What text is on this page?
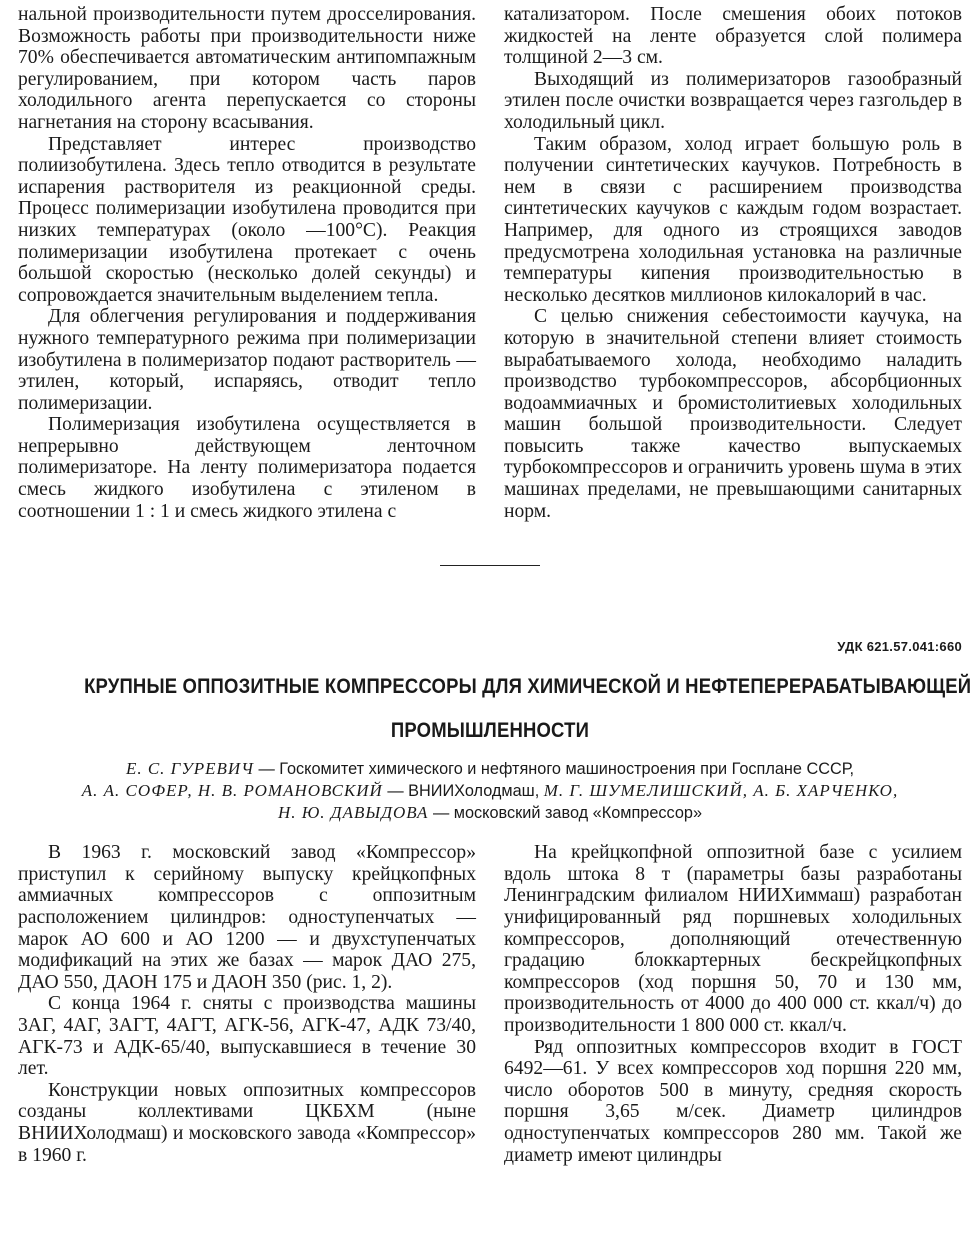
нальной производительности путем дросселирования. Возможность работы при производительности ниже 70% обеспечивается автоматическим антипомпажным регулированием, при котором часть паров холодильного агента перепускается со стороны нагнетания на сторону всасывания.

Представляет интерес производство полиизобутилена. Здесь тепло отводится в результате испарения растворителя из реакционной среды. Процесс полимеризации изобутилена проводится при низких температурах (около —100°С). Реакция полимеризации изобутилена протекает с очень большой скоростью (несколько долей секунды) и сопровождается значительным выделением тепла.

Для облегчения регулирования и поддерживания нужного температурного режима при полимеризации изобутилена в полимеризатор подают растворитель — этилен, который, испаряясь, отводит тепло полимеризации.

Полимеризация изобутилена осуществляется в непрерывно действующем ленточном полимеризаторе. На ленту полимеризатора подается смесь жидкого изобутилена с этиленом в соотношении 1 : 1 и смесь жидкого этилена с

катализатором. После смешения обоих потоков жидкостей на ленте образуется слой полимера толщиной 2—3 см.

Выходящий из полимеризаторов газообразный этилен после очистки возвращается через газгольдер в холодильный цикл.

Таким образом, холод играет большую роль в получении синтетических каучуков. Потребность в нем в связи с расширением производства синтетических каучуков с каждым годом возрастает. Например, для одного из строящихся заводов предусмотрена холодильная установка на различные температуры кипения производительностью в несколько десятков миллионов килокалорий в час.

С целью снижения себестоимости каучука, на которую в значительной степени влияет стоимость вырабатываемого холода, необходимо наладить производство турбокомпрессоров, абсорбционных водоаммиачных и бромистолитиевых холодильных машин большой производительности. Следует повысить также качество выпускаемых турбокомпрессоров и ограничить уровень шума в этих машинах пределами, не превышающими санитарных норм.

УДК 621.57.041:660
КРУПНЫЕ ОППОЗИТНЫЕ КОМПРЕССОРЫ ДЛЯ ХИМИЧЕСКОЙ И НЕФТЕПЕРЕРАБАТЫВАЮЩЕЙ
ПРОМЫШЛЕННОСТИ
Е. С. ГУРЕВИЧ — Госкомитет химического и нефтяного машиностроения при Госплане СССР,
А. А. СОФЕР, Н. В. РОМАНОВСКИЙ — ВНИИХолодмаш, М. Г. ШУМЕЛИШСКИЙ, А. Б. ХАРЧЕНКО,
Н. Ю. ДАВЫДОВА — московский завод «Компрессор»

В 1963 г. московский завод «Компрессор» приступил к серийному выпуску крейцкопфных аммиачных компрессоров с оппозитным расположением цилиндров: одноступенчатых — марок АО 600 и АО 1200 — и двухступенчатых модификаций на этих же базах — марок ДАО 275, ДАО 550, ДАОН 175 и ДАОН 350 (рис. 1, 2).

С конца 1964 г. сняты с производства машины 3АГ, 4АГ, 3АГТ, 4АГТ, АГК-56, АГК-47, АДК 73/40, АГК-73 и АДК-65/40, выпускавшиеся в течение 30 лет.

Конструкции новых оппозитных компрессоров созданы коллективами ЦКБХМ (ныне ВНИИХолодмаш) и московского завода «Компрессор» в 1960 г.

На крейцкопфной оппозитной базе с усилием вдоль штока 8 т (параметры базы разработаны Ленинградским филиалом НИИХиммаш) разработан унифицированный ряд поршневых холодильных компрессоров, дополняющий отечественную градацию блоккартерных бескрейцкопфных компрессоров (ход поршня 50, 70 и 130 мм, производительность от 4000 до 400 000 ст. ккал/ч) до производительности 1 800 000 ст. ккал/ч.

Ряд оппозитных компрессоров входит в ГОСТ 6492—61. У всех компрессоров ход поршня 220 мм, число оборотов 500 в минуту, средняя скорость поршня 3,65 м/сек. Диаметр цилиндров одноступенчатых компрессоров 280 мм. Такой же диаметр имеют цилиндры
